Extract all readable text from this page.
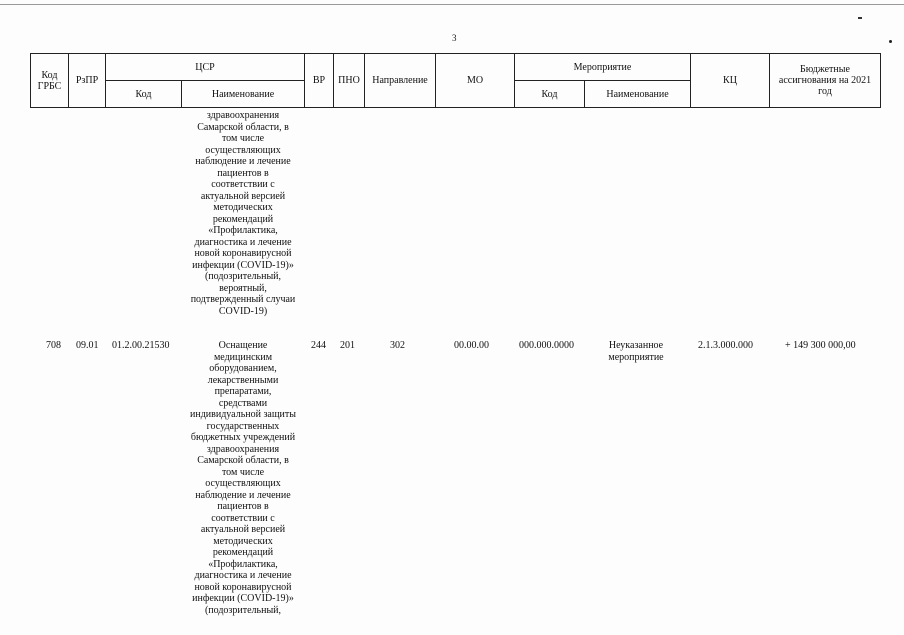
3
Код ГРБС	РзПР	ЦСР		ВР	ПНО	Направление	МО	Мероприятие		КЦ	Бюджетные ассигнования на 2021 год
		Код	Наименование					Код	Наименование		
здравоохранения
Самарской области, в
том числе
осуществляющих
наблюдение и лечение
пациентов в
соответствии с
актуальной версией
методических
рекомендаций
«Профилактика,
диагностика и лечение
новой коронавирусной
инфекции (COVID-19)»
(подозрительный,
вероятный,
подтвержденный случаи
COVID-19)
708 09.01 01.2.00.21530	Оснащение
медицинским
оборудованием,
лекарственными
препаратами,
средствами
индивидуальной защиты
государственных
бюджетных учреждений
здравоохранения
Самарской области, в
том числе
осуществляющих
наблюдение и лечение
пациентов в
соответствии с
актуальной версией
методических
рекомендаций
«Профилактика,
диагностика и лечение
новой коронавирусной
инфекции (COVID-19)»
(подозрительный,
244 201	302	00.00.00	000.000.0000	Неуказанное
мероприятие
2.1.3.000.000	+ 149 300 000,00
